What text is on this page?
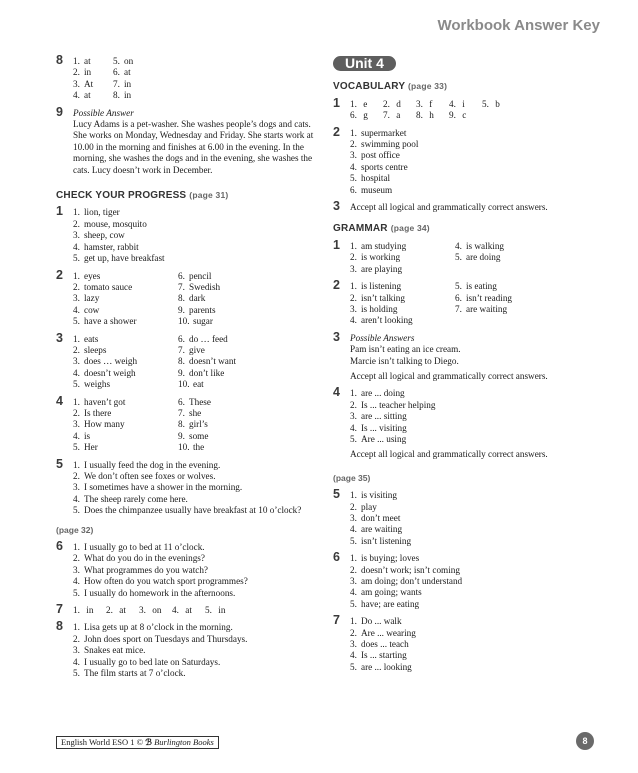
Workbook Answer Key
8 1. at 5. on
2. in 6. at
3. At 7. in
4. at 8. in
9 Possible Answer

Lucy Adams is a pet-washer. She washes people’s dogs and cats. She works on Monday, Wednesday and Friday. She starts work at 10.00 in the morning and finishes at 6.00 in the evening. In the morning, she washes the dogs and in the evening, she washes the cats. Lucy doesn’t work in December.

CHECK YOUR PROGRESS (page 31)
1 1. lion, tiger
2. mouse, mosquito
3. sheep, cow
4. hamster, rabbit
5. get up, have breakfast
2 1. eyes	6. pencil
2. tomato sauce	7. Swedish
3. lazy	8. dark
4. cow	9. parents
5. have a shower	10. sugar
3 1. eats	6. do … feed
2. sleeps	7. give
3. does … weigh	8. doesn’t want
4. doesn’t weigh	9. don’t like
5. weighs	10. eat
4 1. haven’t got	6. These
2. Is there	7. she
3. How many	8. girl’s
4. is	9. some
5. Her	10. the
5 1. I usually feed the dog in the evening.
2. We don’t often see foxes or wolves.
3. I sometimes have a shower in the morning.
4. The sheep rarely come here.
5. Does the chimpanzee usually have breakfast at 10 o’clock?
(page 32)
6 1. I usually go to bed at 11 o’clock.
2. What do you do in the evenings?
3. What programmes do you watch?
4. How often do you watch sport programmes?
5. I usually do homework in the afternoons.
7 1. in	2. at	3. on	4. at	5. in
8 1. Lisa gets up at 8 o’clock in the morning.
2. John does sport on Tuesdays and Thursdays.
3. Snakes eat mice.
4. I usually go to bed late on Saturdays.
5. The film starts at 7 o’clock.
Unit 4
VOCABULARY (page 33)
1 1. e	2. d	3. f	4. i	5. b
6. g	7. a	8. h	9. c
2 1. supermarket
2. swimming pool
3. post office
4. sports centre
5. hospital
6. museum
3 Accept all logical and grammatically correct answers.

GRAMMAR (page 34)
1 1. am studying	4. is walking
2. is working	5. are doing
3. are playing
2 1. is listening	5. is eating
2. isn’t talking	6. isn’t reading
3. is holding	7. are waiting
4. aren’t looking
3 Possible Answers

Pam isn’t eating an ice cream.

Marcie isn’t talking to Diego.

Accept all logical and grammatically correct answers.

4 1. are ... doing
2. Is ... teacher helping
3. are ... sitting
4. Is ... visiting
5. Are ... using

Accept all logical and grammatically correct answers.

(page 35)
5 1. is visiting
2. play
3. don’t meet
4. are waiting
5. isn’t listening
6 1. is buying; loves
2. doesn’t work; isn’t coming
3. am doing; don’t understand
4. am going; wants
5. have; are eating
7 1. Do ... walk
2. Are ... wearing
3. does ... teach
4. Is ... starting
5. are ... looking
English World ESO 1 © ℬ Burlington Books	8
